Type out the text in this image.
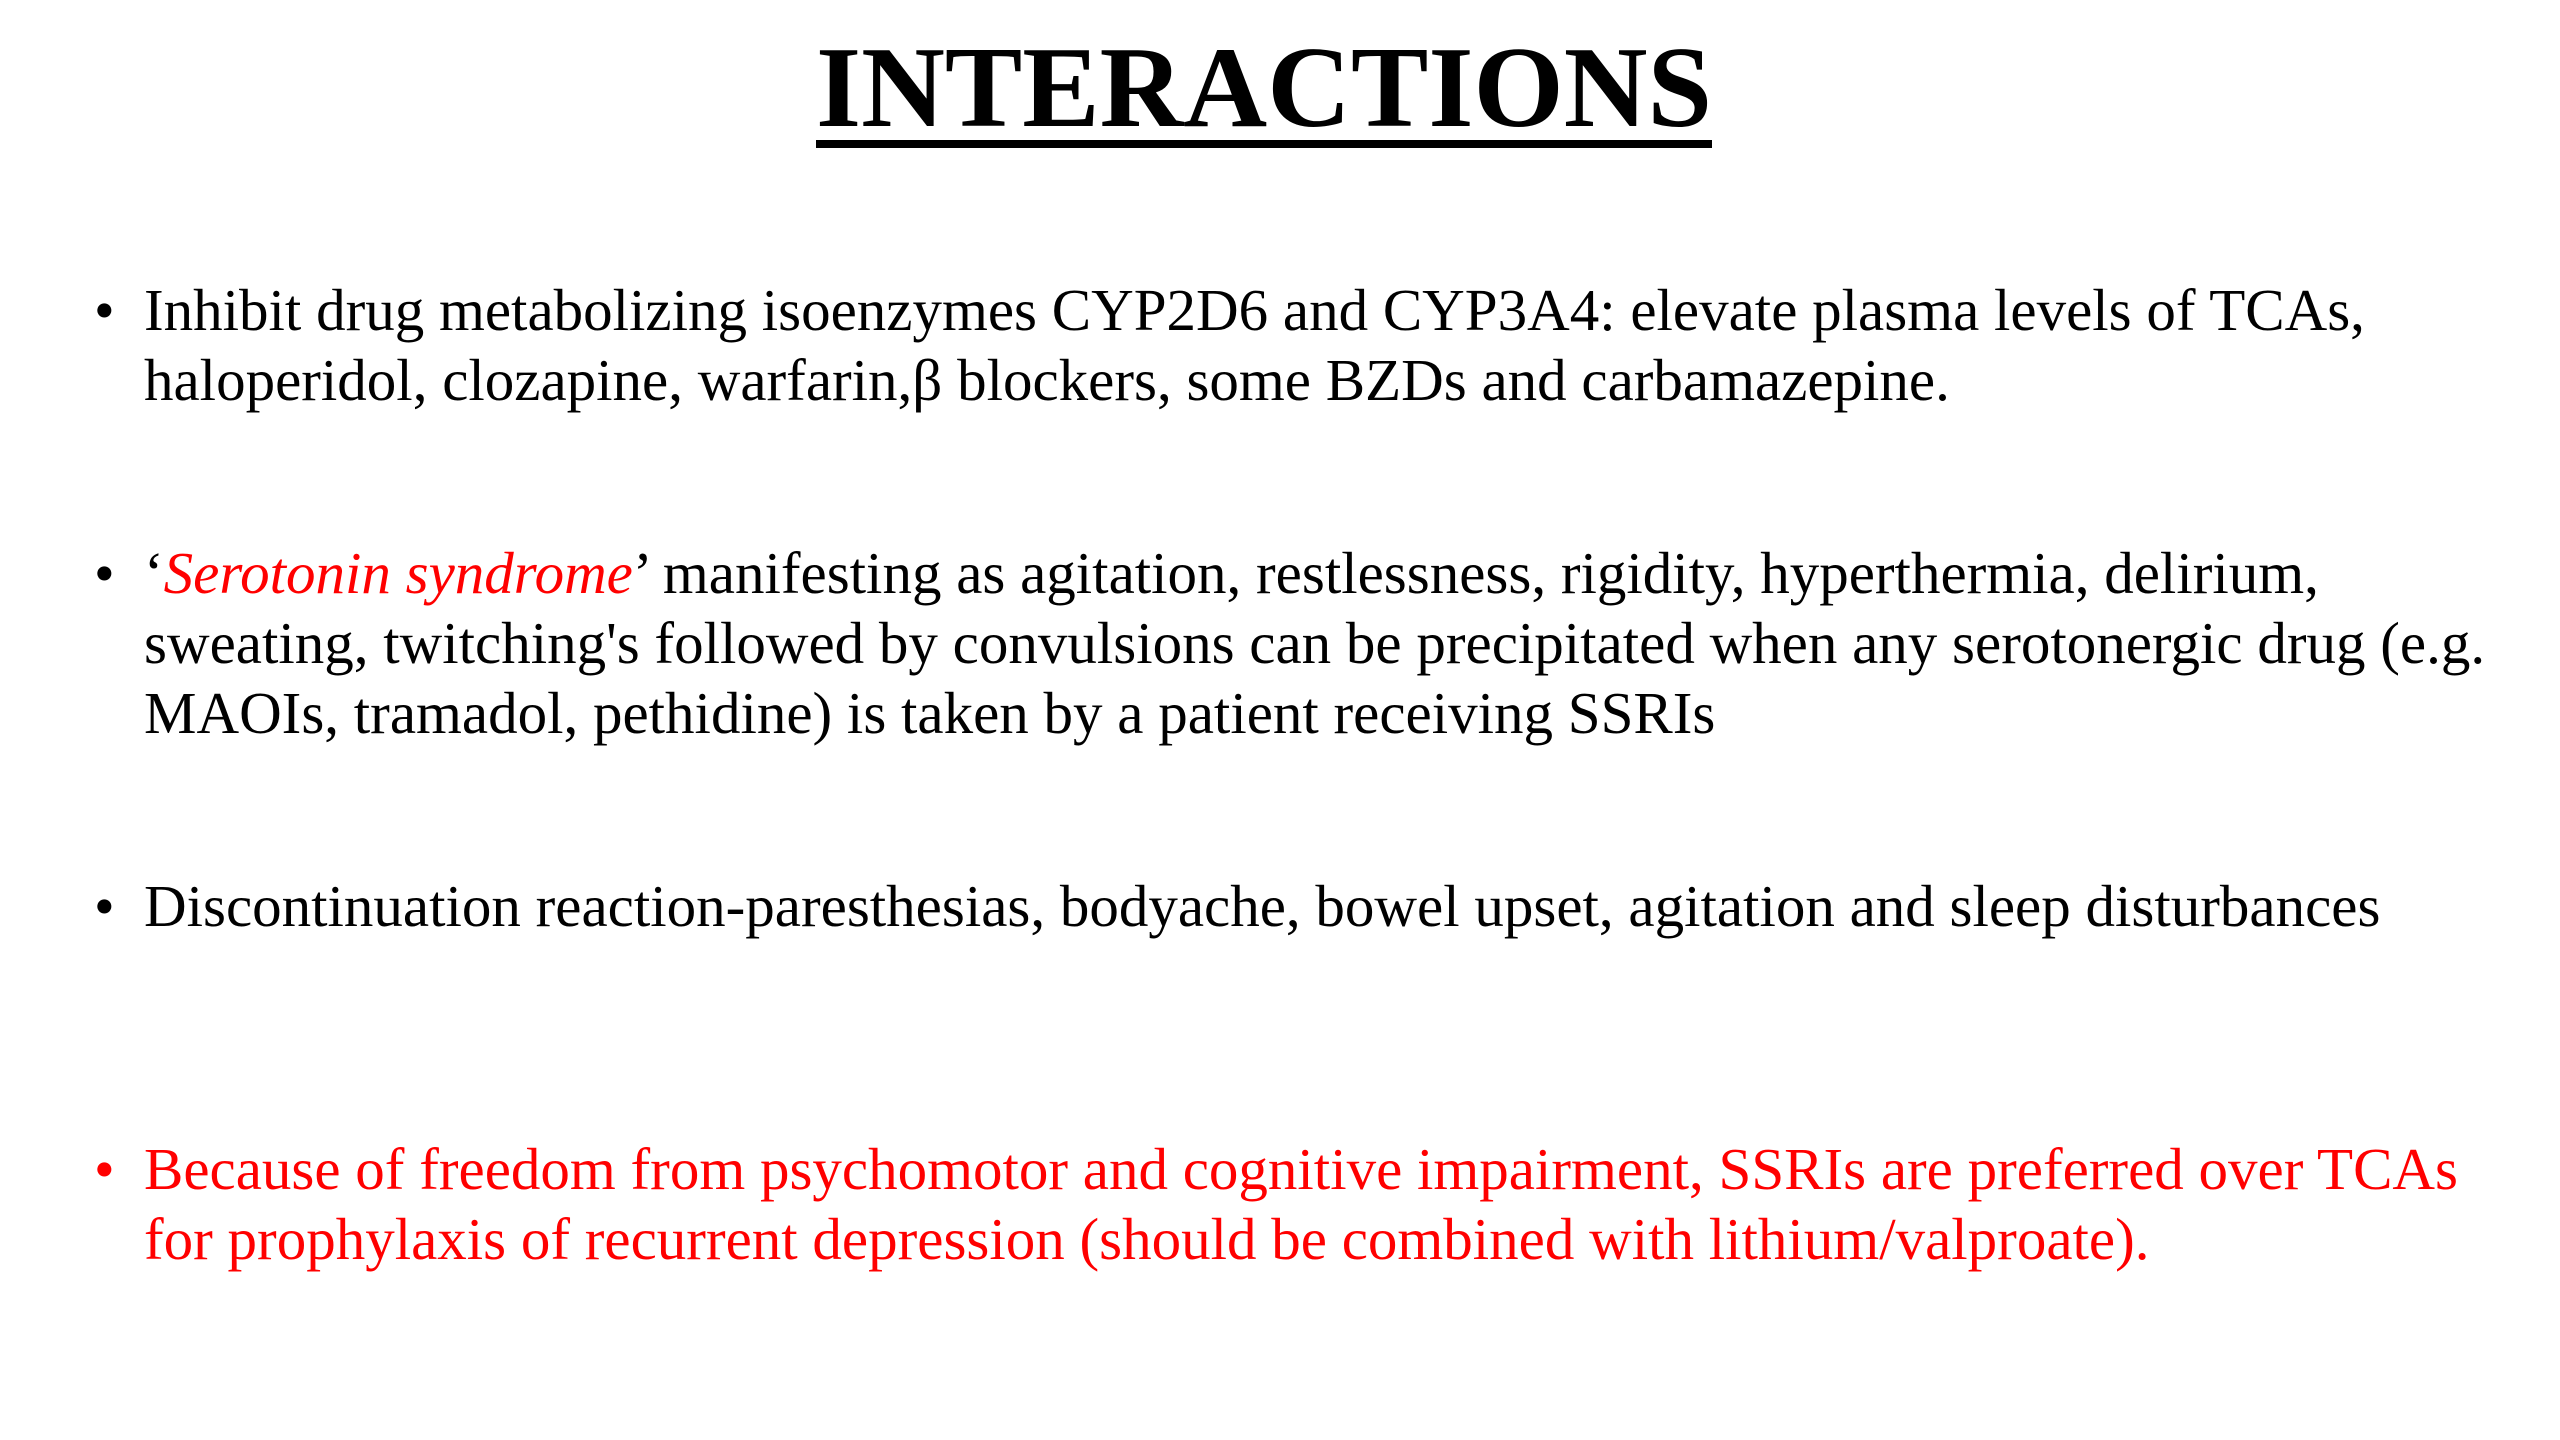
INTERACTIONS
• Inhibit drug metabolizing isoenzymes CYP2D6 and CYP3A4: elevate plasma levels of TCAs, haloperidol, clozapine, warfarin,β blockers, some BZDs and carbamazepine.
• ‘Serotonin syndrome’ manifesting as agitation, restlessness, rigidity, hyperthermia, delirium, sweating, twitching's followed by convulsions can be precipitated when any serotonergic drug (e.g. MAOIs, tramadol, pethidine) is taken by a patient receiving SSRIs
• Discontinuation reaction-paresthesias, bodyache, bowel upset, agitation and sleep disturbances
• Because of freedom from psychomotor and cognitive impairment, SSRIs are preferred over TCAs for prophylaxis of recurrent depression (should be combined with lithium/valproate).
